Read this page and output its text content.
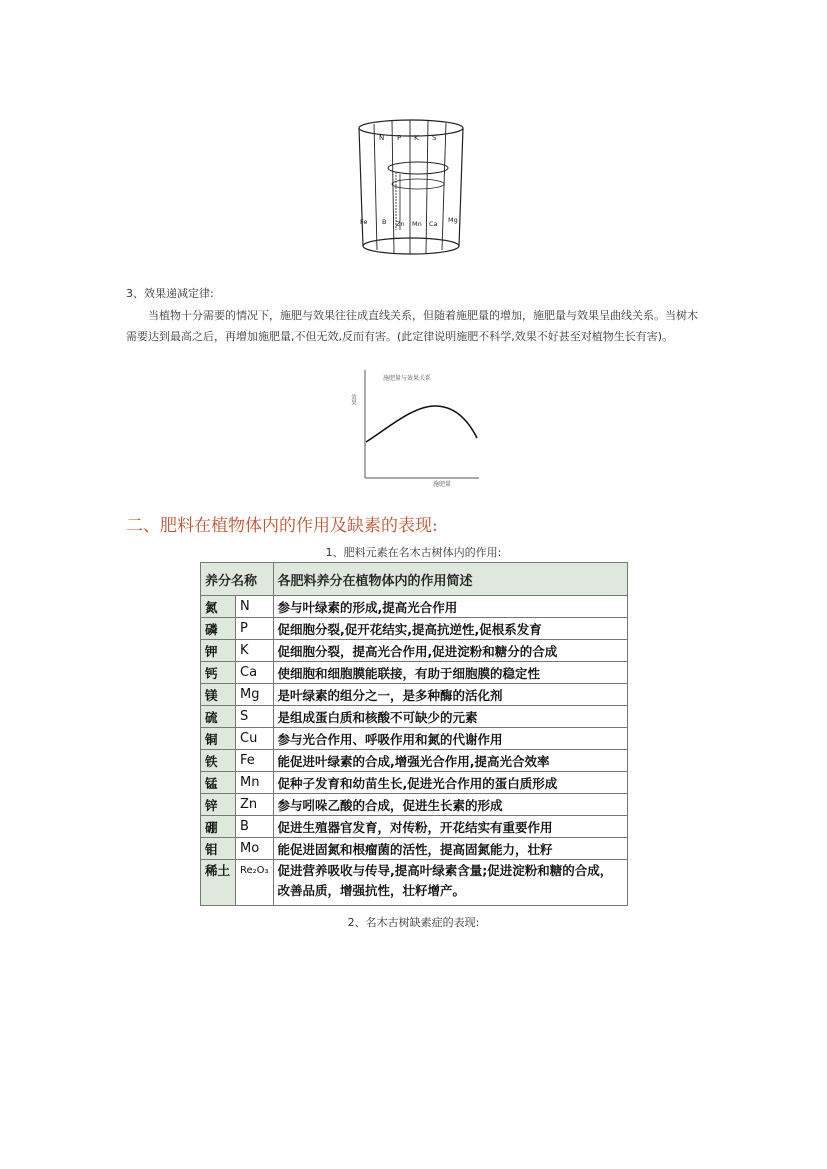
N P K S
Fe B Zn Mn Ca Mg
3、效果递减定律:
当植物十分需要的情况下，施肥与效果往往成直线关系，但随着施肥量的增加，施肥量与效果呈曲线关系。当树木需要达到最高之后，再增加施肥量,不但无效,反而有害。(此定律说明施肥不科学,效果不好甚至对植物生长有害)。
施肥量与效果关系
效果
施肥量
二、肥料在植物体内的作用及缺素的表现:
1、肥料元素在名木古树体内的作用:
养分名称		各肥料养分在植物体内的作用简述
氮	N	参与叶绿素的形成,提高光合作用
磷	P	促细胞分裂,促开花结实,提高抗逆性,促根系发育
钾	K	促细胞分裂，提高光合作用,促进淀粉和糖分的合成
钙	Ca	使细胞和细胞膜能联接，有助于细胞膜的稳定性
镁	Mg	是叶绿素的组分之一，是多种酶的活化剂
硫	S	是组成蛋白质和核酸不可缺少的元素
铜	Cu	参与光合作用、呼吸作用和氮的代谢作用
铁	Fe	能促进叶绿素的合成,增强光合作用,提高光合效率
锰	Mn	促种子发育和幼苗生长,促进光合作用的蛋白质形成
锌	Zn	参与吲哚乙酸的合成，促进生长素的形成
硼	B	促进生殖器官发育，对传粉，开花结实有重要作用
钼	Mo	能促进固氮和根瘤菌的活性，提高固氮能力，壮籽
稀土	Re₂O₃	促进营养吸收与传导,提高叶绿素含量;促进淀粉和糖的合成，改善品质，增强抗性，壮籽增产。
2、名木古树缺素症的表现:
